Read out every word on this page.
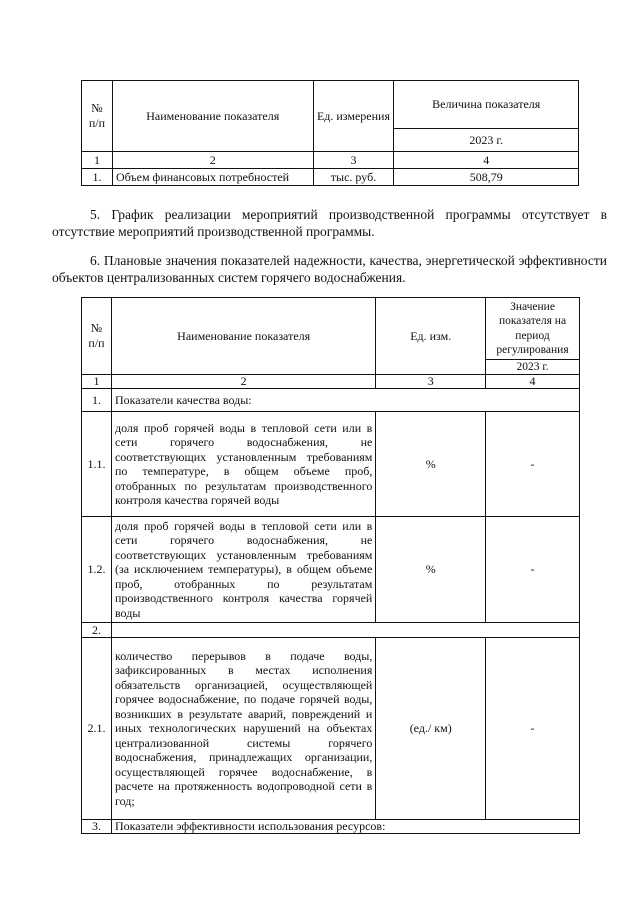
№ п/п	Наименование показателя	Ед. измерения	Величина показателя
			2023 г.
1	2	3	4
1.	Объем финансовых потребностей	тыс. руб.	508,79

5. График реализации мероприятий производственной программы отсутствует в отсутствие мероприятий производственной программы.

6. Плановые значения показателей надежности, качества, энергетической эффективности объектов централизованных систем горячего водоснабжения.

№ п/п	Наименование показателя	Ед. изм.	Значение показателя на период регулирования
			2023 г.
1	2	3	4
1.	Показатели качества воды:		
1.1.	доля проб горячей воды в тепловой сети или в сети горячего водоснабжения, не соответствующих установленным требованиям по температуре, в общем объеме проб, отобранных по результатам производственного контроля качества горячей воды	%	-
1.2.	доля проб горячей воды в тепловой сети или в сети горячего водоснабжения, не соответствующих установленным требованиям (за исключением температуры), в общем объеме проб, отобранных по результатам производственного контроля качества горячей воды	%	-
2.			
2.1.	количество перерывов в подаче воды, зафиксированных в местах исполнения обязательств организацией, осуществляющей горячее водоснабжение, по подаче горячей воды, возникших в результате аварий, повреждений и иных технологических нарушений на объектах централизованной системы горячего водоснабжения, принадлежащих организации, осуществляющей горячее водоснабжение, в расчете на протяженность водопроводной сети в год;	(ед./ км)	-
3.	Показатели эффективности использования ресурсов:		
